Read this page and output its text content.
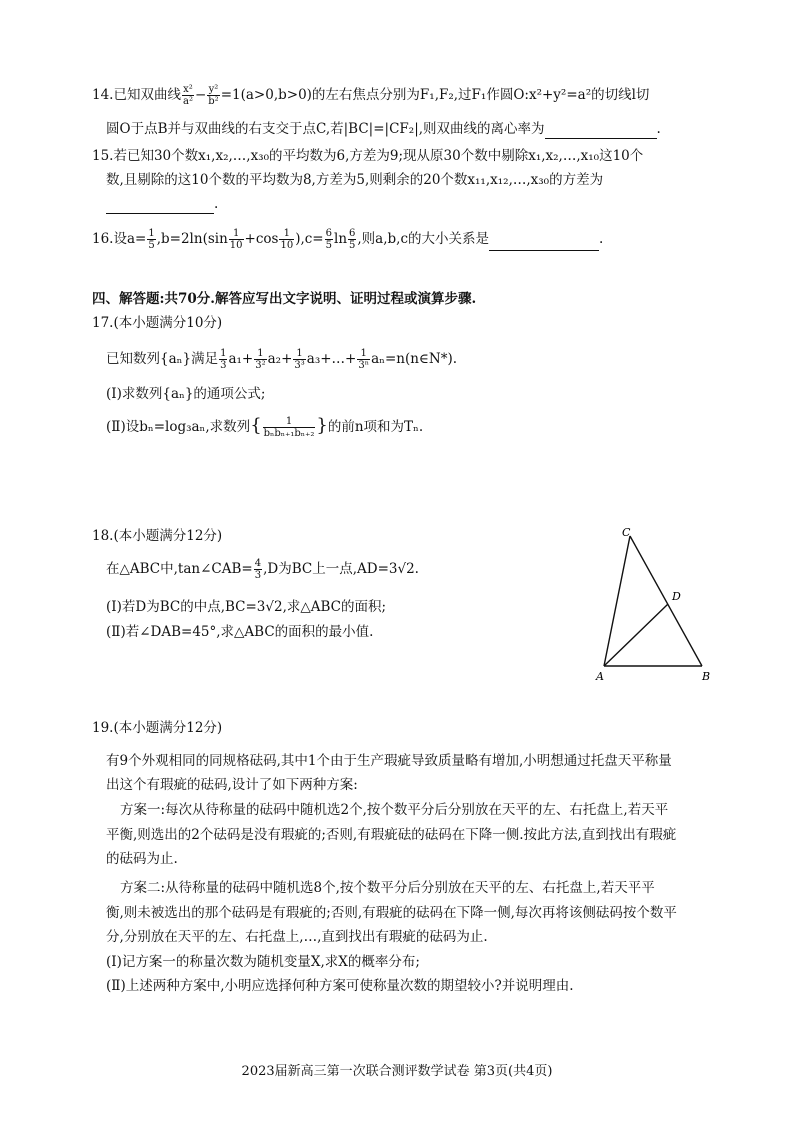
14.已知双曲线 $\frac{\text{x²}}{\text{a²}} - \frac{\text{y²}}{\text{b²}} =1(a>0,b>0)$的左右焦点分别为F₁,F₂,过F₁作圆O:x²+y²=a²的切线l切
圆O于点B并与双曲线的右支交于点C,若|BC|=|CF₂|,则双曲线的离心率为	.
15.若已知30个数x₁,x₂,…,x₃₀的平均数为6,方差为9;现从原30个数中剔除x₁,x₂,…,x₁₀这10个
数,且剔除的这10个数的平均数为8,方差为5,则剩余的20个数x₁₁,x₁₂,…,x₃₀的方差为
.
16.设$a= \frac{1}{5} ,b=2\ln(\sin \frac{1}{10} +\cos \frac{1}{10} ),c= \frac{6}{5}$ $\ln \frac{6}{5}$ ,则a,b,c的大小关系是	.
四、解答题:共70分.解答应写出文字说明、证明过程或演算步骤.
17.(本小题满分10分)
已知数列{aₙ}满足 $\frac{1}{3} a_1+ \frac{1}{\text{3²}} a_2+ \frac{1}{\text{3³}}$ a₃+…+ $\frac{1}{\text{3ⁿ}}$ aₙ=n(n∈N*).
(Ⅰ)求数列{aₙ}的通项公式;
(Ⅱ)设bₙ=log₃aₙ,求数列{ $\frac{1}{\text{bₙbₙ₊₁bₙ₊₂}}$ }的前n项和为Tₙ.
18.(本小题满分12分)
在△ABC中,tan∠CAB= $\frac{4}{3} ,D$为BC上一点,AD=3√2.
(Ⅰ)若D为BC的中点,BC=3√2,求△ABC的面积;
(Ⅱ)若∠DAB=45°,求△ABC的面积的最小值.
C
D
A	B
19.(本小题满分12分)
有9个外观相同的同规格砝码,其中1个由于生产瑕疵导致质量略有增加,小明想通过托盘天平称量
出这个有瑕疵的砝码,设计了如下两种方案:
方案一:每次从待称量的砝码中随机选2个,按个数平分后分别放在天平的左、右托盘上,若天平
平衡,则选出的2个砝码是没有瑕疵的;否则,有瑕疵砝的砝码在下降一侧.按此方法,直到找出有瑕疵
的砝码为止.
方案二:从待称量的砝码中随机选8个,按个数平分后分别放在天平的左、右托盘上,若天平平
衡,则未被选出的那个砝码是有瑕疵的;否则,有瑕疵的砝码在下降一侧,每次再将该侧砝码按个数平
分,分别放在天平的左、右托盘上,…,直到找出有瑕疵的砝码为止.
(Ⅰ)记方案一的称量次数为随机变量X,求X的概率分布;
(Ⅱ)上述两种方案中,小明应选择何种方案可使称量次数的期望较小?并说明理由.
2023届新高三第一次联合测评数学试卷 第3页(共4页)
